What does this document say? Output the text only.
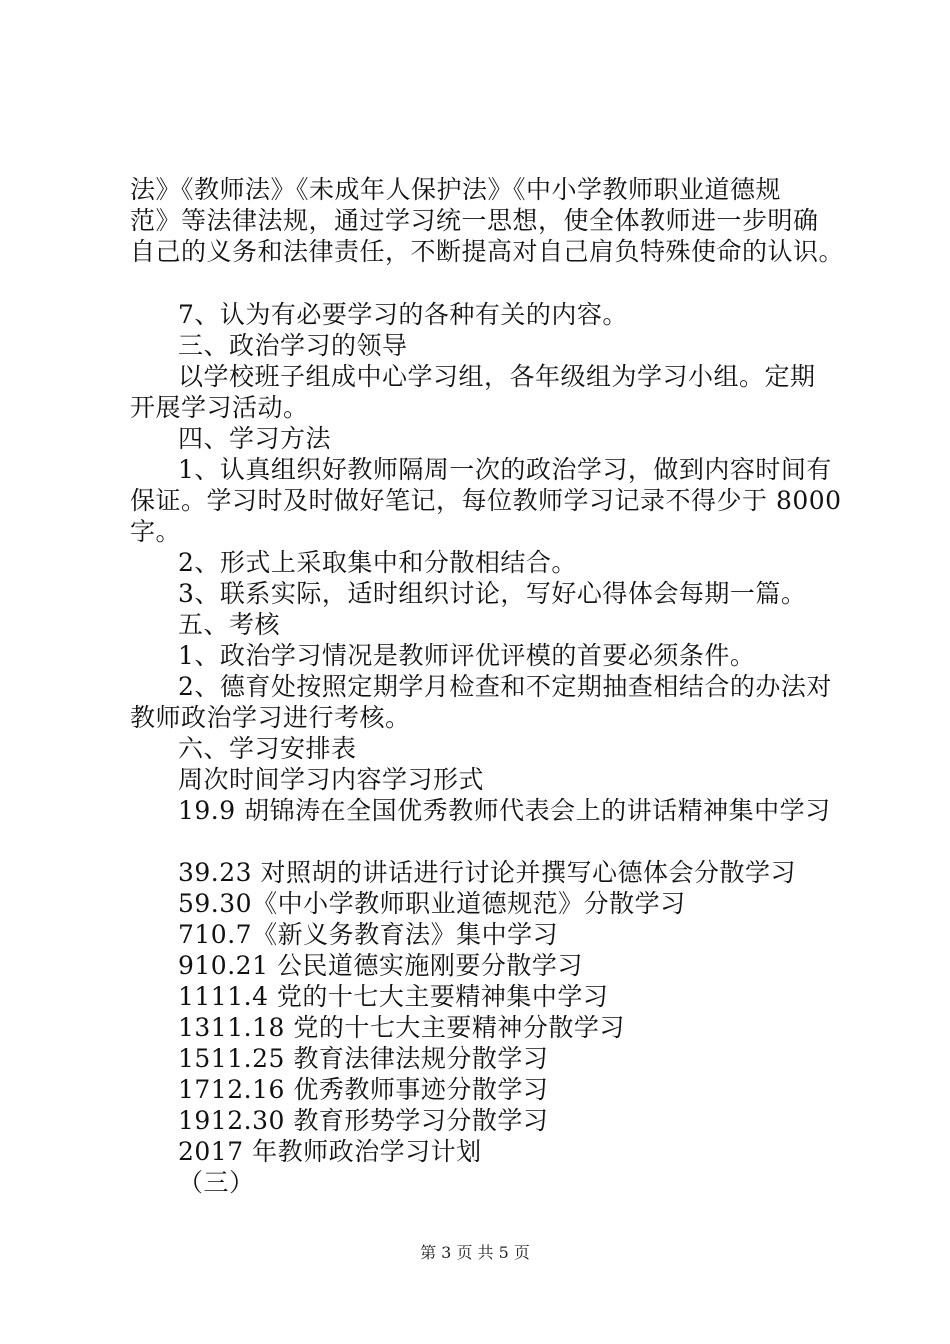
法》《教师法》《未成年人保护法》《中小学教师职业道德规
范》等法律法规，通过学习统一思想，使全体教师进一步明确
自己的义务和法律责任，不断提高对自己肩负特殊使命的认识。
7、认为有必要学习的各种有关的内容。
三、政治学习的领导
以学校班子组成中心学习组，各年级组为学习小组。定期
开展学习活动。
四、学习方法
1、认真组织好教师隔周一次的政治学习，做到内容时间有
保证。学习时及时做好笔记，每位教师学习记录不得少于 8000
字。
2、形式上采取集中和分散相结合。
3、联系实际，适时组织讨论，写好心得体会每期一篇。
五、考核
1、政治学习情况是教师评优评模的首要必须条件。
2、德育处按照定期学月检查和不定期抽查相结合的办法对
教师政治学习进行考核。
六、学习安排表
周次时间学习内容学习形式
19.9 胡锦涛在全国优秀教师代表会上的讲话精神集中学习
39.23 对照胡的讲话进行讨论并撰写心德体会分散学习
59.30《中小学教师职业道德规范》分散学习
710.7《新义务教育法》集中学习
910.21 公民道德实施刚要分散学习
1111.4 党的十七大主要精神集中学习
1311.18 党的十七大主要精神分散学习
1511.25 教育法律法规分散学习
1712.16 优秀教师事迹分散学习
1912.30 教育形势学习分散学习
2017 年教师政治学习计划
（三）
第 3 页 共 5 页
